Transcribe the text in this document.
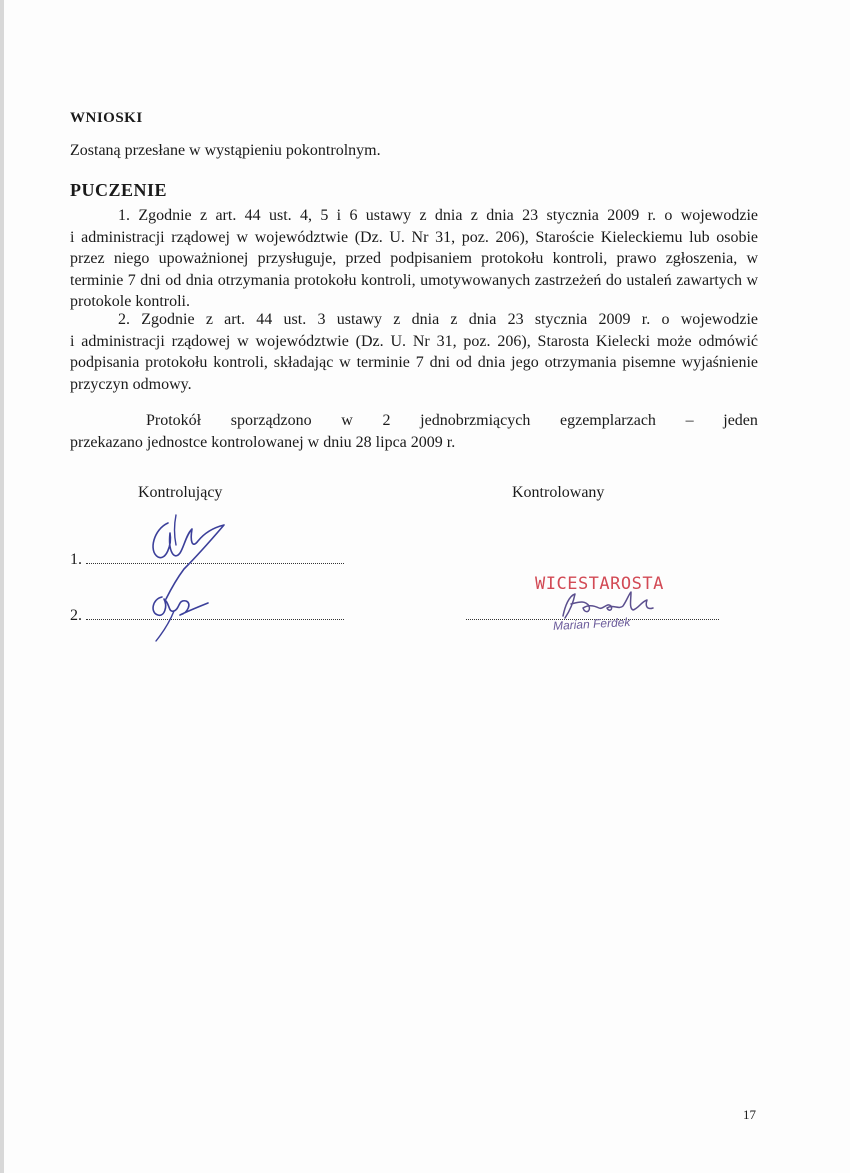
WNIOSKI
Zostaną przesłane w wystąpieniu pokontrolnym.
PUCZENIE
1. Zgodnie z art. 44 ust. 4, 5 i 6 ustawy z dnia z dnia 23 stycznia 2009 r. o wojewodzie
i administracji rządowej w województwie (Dz. U. Nr 31, poz. 206), Staroście Kieleckiemu lub osobie przez niego upoważnionej przysługuje, przed podpisaniem protokołu kontroli, prawo zgłoszenia, w terminie 7 dni od dnia otrzymania protokołu kontroli, umotywowanych zastrzeżeń do ustaleń zawartych w protokole kontroli.
2. Zgodnie z art. 44 ust. 3 ustawy z dnia z dnia 23 stycznia 2009 r. o wojewodzie
i administracji rządowej w województwie (Dz. U. Nr 31, poz. 206), Starosta Kielecki może odmówić podpisania protokołu kontroli, składając w terminie 7 dni od dnia jego otrzymania pisemne wyjaśnienie przyczyn odmowy.
Protokół sporządzono w 2 jednobrzmiących egzemplarzach – jeden
przekazano jednostce kontrolowanej w dniu 28 lipca 2009 r.
Kontrolujący	Kontrolowany
1.
2.
WICESTAROSTA
Marian Ferdek
17
